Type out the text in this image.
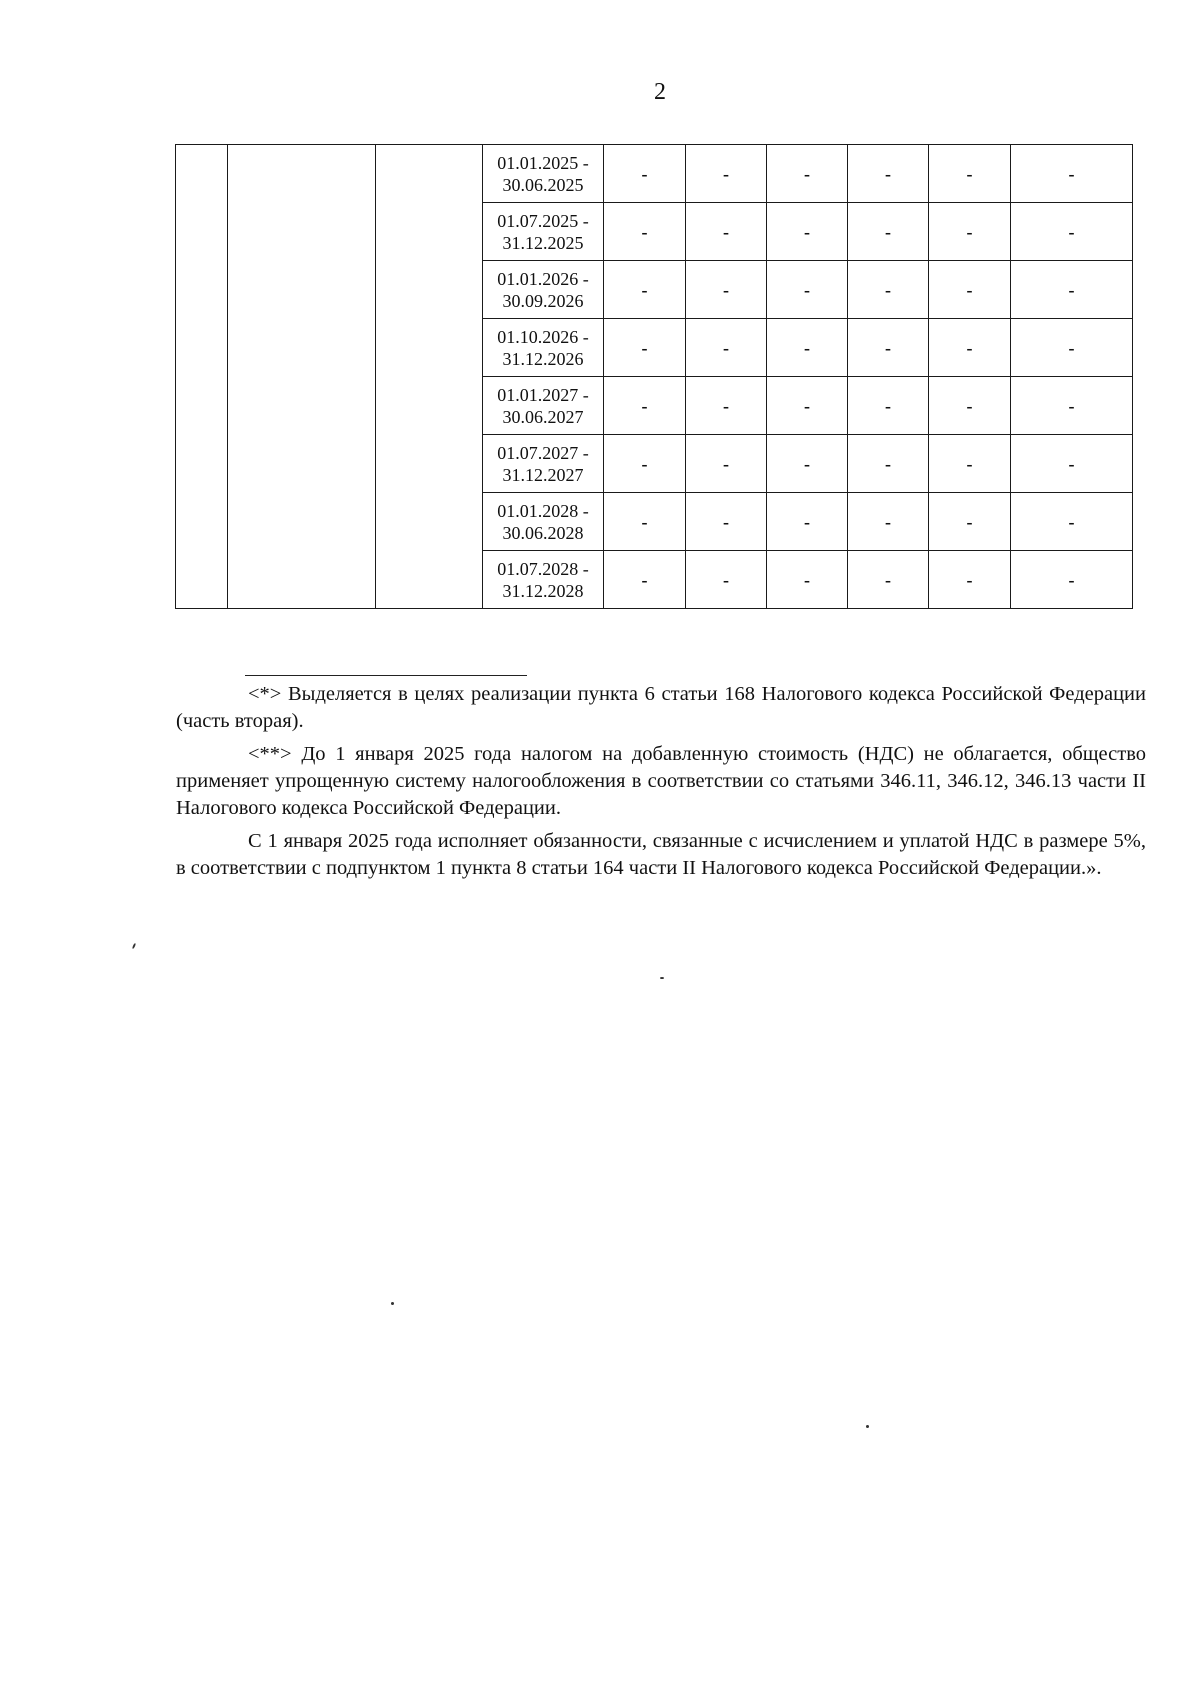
2

			01.01.2025 -
30.06.2025	-	-	-	-	-	-

			01.07.2025 -
31.12.2025	-	-	-	-	-	-

			01.01.2026 -
30.09.2026	-	-	-	-	-	-

			01.10.2026 -
31.12.2026	-	-	-	-	-	-

			01.01.2027 -
30.06.2027	-	-	-	-	-	-

			01.07.2027 -
31.12.2027	-	-	-	-	-	-

			01.01.2028 -
30.06.2028	-	-	-	-	-	-

			01.07.2028 -
31.12.2028	-	-	-	-	-	-

<*> Выделяется в целях реализации пункта 6 статьи 168 Налогового кодекса Российской Федерации (часть вторая).

<**> До 1 января 2025 года налогом на добавленную стоимость (НДС) не облагается, общество применяет упрощенную систему налогообложения в соответствии со статьями 346.11, 346.12, 346.13 части II Налогового кодекса Российской Федерации.

С 1 января 2025 года исполняет обязанности, связанные с исчислением и уплатой НДС в размере 5%, в соответствии с подпунктом 1 пункта 8 статьи 164 части II Налогового кодекса Российской Федерации.».
